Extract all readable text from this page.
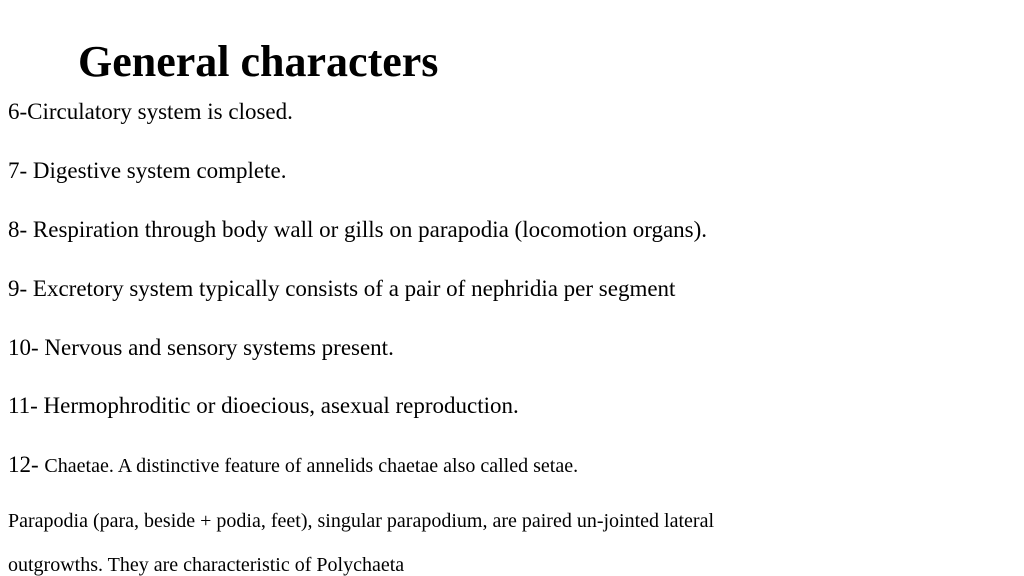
General characters
6-Circulatory system is closed.
7- Digestive system complete.
8- Respiration through body wall or gills on parapodia (locomotion organs).
9- Excretory system typically consists of a pair of nephridia per segment
10- Nervous and sensory systems present.
11- Hermophroditic or dioecious, asexual reproduction.
12- Chaetae. A distinctive feature of annelids chaetae also called setae.
Parapodia (para, beside + podia, feet), singular parapodium, are paired un-jointed lateral
outgrowths. They are characteristic of Polychaeta
